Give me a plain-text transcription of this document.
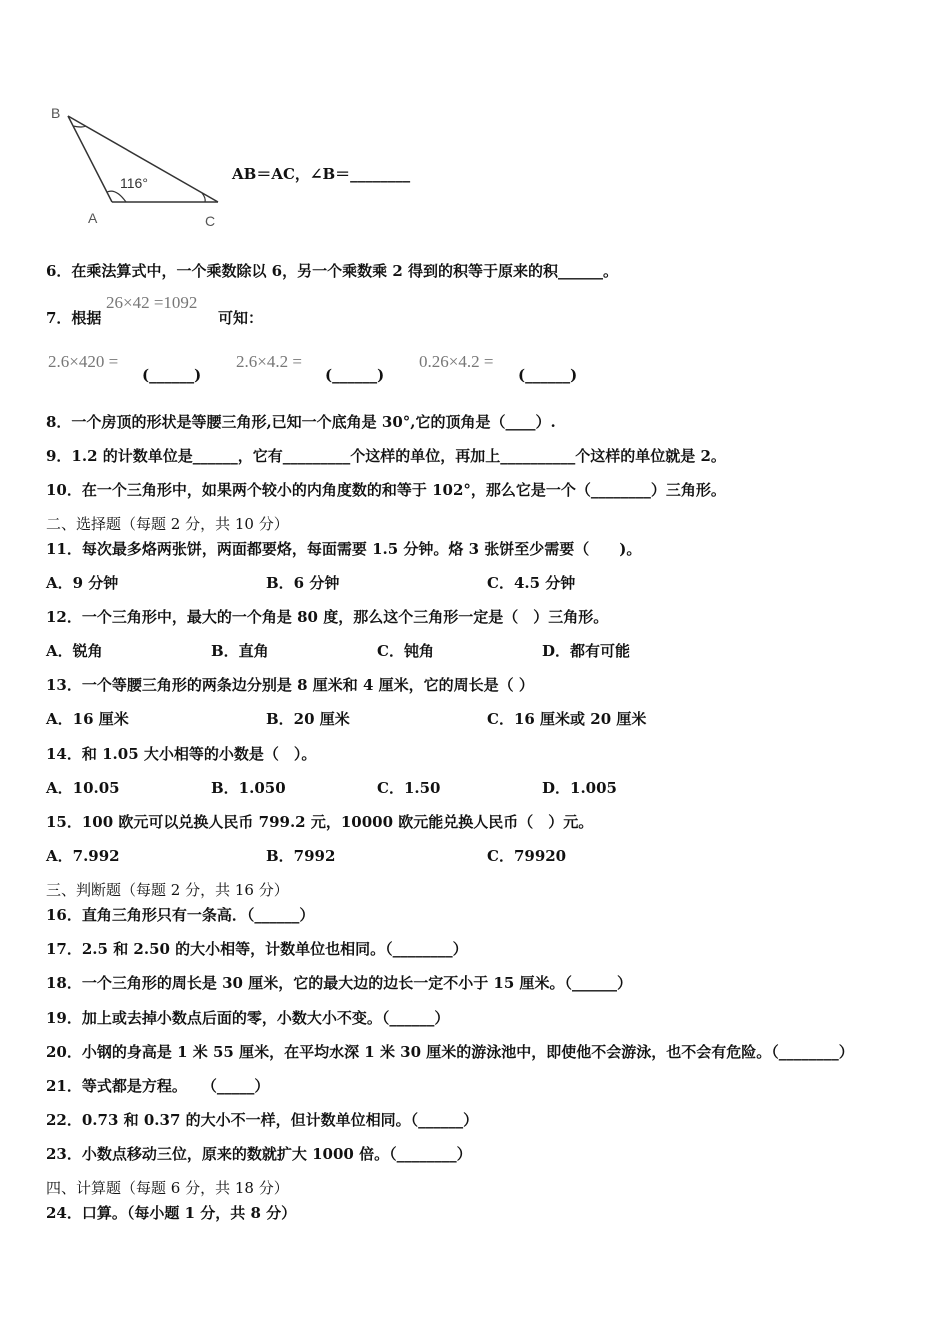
B
A	C
116°	AB＝AC，∠B＝________
6．在乘法算式中，一个乘数除以 6，另一个乘数乘 2 得到的积等于原来的积______。
7．根据
26×42 =1092
可知：
2.6×420 =
(______)
2.6×4.2 =
(______)
0.26×4.2 =
(______)
8．一个房顶的形状是等腰三角形,已知一个底角是 30°,它的顶角是（____）.
9．1.2 的计数单位是______，它有_________个这样的单位，再加上__________个这样的单位就是 2。
10．在一个三角形中，如果两个较小的内角度数的和等于 102°，那么它是一个（________）三角形。
二、选择题（每题 2 分，共 10 分）
11．每次最多烙两张饼，两面都要烙，每面需要 1.5 分钟。烙 3 张饼至少需要（　　)。
A．9 分钟	B．6 分钟	C．4.5 分钟
12．一个三角形中，最大的一个角是 80 度，那么这个三角形一定是（　）三角形。
A．锐角	B．直角	C．钝角	D．都有可能
13．一个等腰三角形的两条边分别是 8 厘米和 4 厘米，它的周长是（ ）
A．16 厘米	B．20 厘米	C．16 厘米或 20 厘米
14．和 1.05 大小相等的小数是（　）。
A．10.05	B．1.050	C．1.50	D．1.005
15．100 欧元可以兑换人民币 799.2 元，10000 欧元能兑换人民币（　）元。
A．7.992	B．7992	C．79920
三、判断题（每题 2 分，共 16 分）
16．直角三角形只有一条高．（______）
17．2.5 和 2.50 的大小相等，计数单位也相同。（________）
18．一个三角形的周长是 30 厘米，它的最大边的边长一定不小于 15 厘米。（______）
19．加上或去掉小数点后面的零，小数大小不变。（______）
20．小钢的身高是 1 米 55 厘米，在平均水深 1 米 30 厘米的游泳池中，即使他不会游泳，也不会有危险。（________）
21．等式都是方程。　　（_____）
22．0.73 和 0.37 的大小不一样，但计数单位相同。（______）
23．小数点移动三位，原来的数就扩大 1000 倍。（________）
四、计算题（每题 6 分，共 18 分）
24．口算。（每小题 1 分，共 8 分）
